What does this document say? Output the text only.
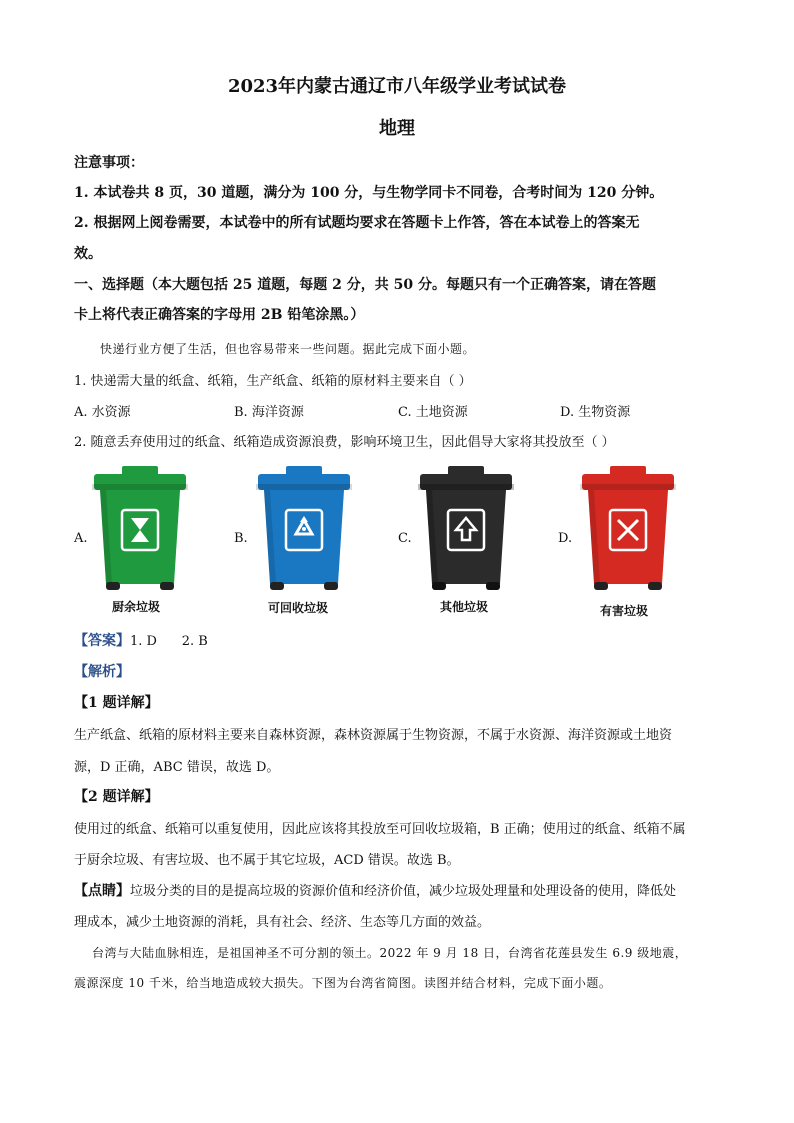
2023年内蒙古通辽市八年级学业考试试卷
地理
注意事项：
1. 本试卷共 8 页，30 道题，满分为 100 分，与生物学同卡不同卷，合考时间为 120 分钟。
2. 根据网上阅卷需要，本试卷中的所有试题均要求在答题卡上作答，答在本试卷上的答案无
效。
一、选择题（本大题包括 25 道题，每题 2 分，共 50 分。每题只有一个正确答案，请在答题
卡上将代表正确答案的字母用 2B 铅笔涂黑。）
快递行业方便了生活，但也容易带来一些问题。据此完成下面小题。
1. 快递需大量的纸盒、纸箱，生产纸盒、纸箱的原材料主要来自（ ）
A. 水资源	B. 海洋资源	C. 土地资源	D. 生物资源
2. 随意丢弃使用过的纸盒、纸箱造成资源浪费，影响环境卫生，因此倡导大家将其投放至（ ）
A.	B.	C.	D.
厨余垃圾	可回收垃圾	其他垃圾	有害垃圾
【答案】1. D      2. B
【解析】
【1 题详解】
生产纸盒、纸箱的原材料主要来自森林资源，森林资源属于生物资源，不属于水资源、海洋资源或土地资
源，D 正确，ABC 错误，故选 D。
【2 题详解】
使用过的纸盒、纸箱可以重复使用，因此应该将其投放至可回收垃圾箱，B 正确；使用过的纸盒、纸箱不属
于厨余垃圾、有害垃圾、也不属于其它垃圾，ACD 错误。故选 B。
【点睛】垃圾分类的目的是提高垃圾的资源价值和经济价值，减少垃圾处理量和处理设备的使用，降低处
理成本，减少土地资源的消耗，具有社会、经济、生态等几方面的效益。
台湾与大陆血脉相连，是祖国神圣不可分割的领土。2022 年 9 月 18 日，台湾省花莲县发生 6.9 级地震，
震源深度 10 千米，给当地造成较大损失。下图为台湾省简图。读图并结合材料，完成下面小题。
